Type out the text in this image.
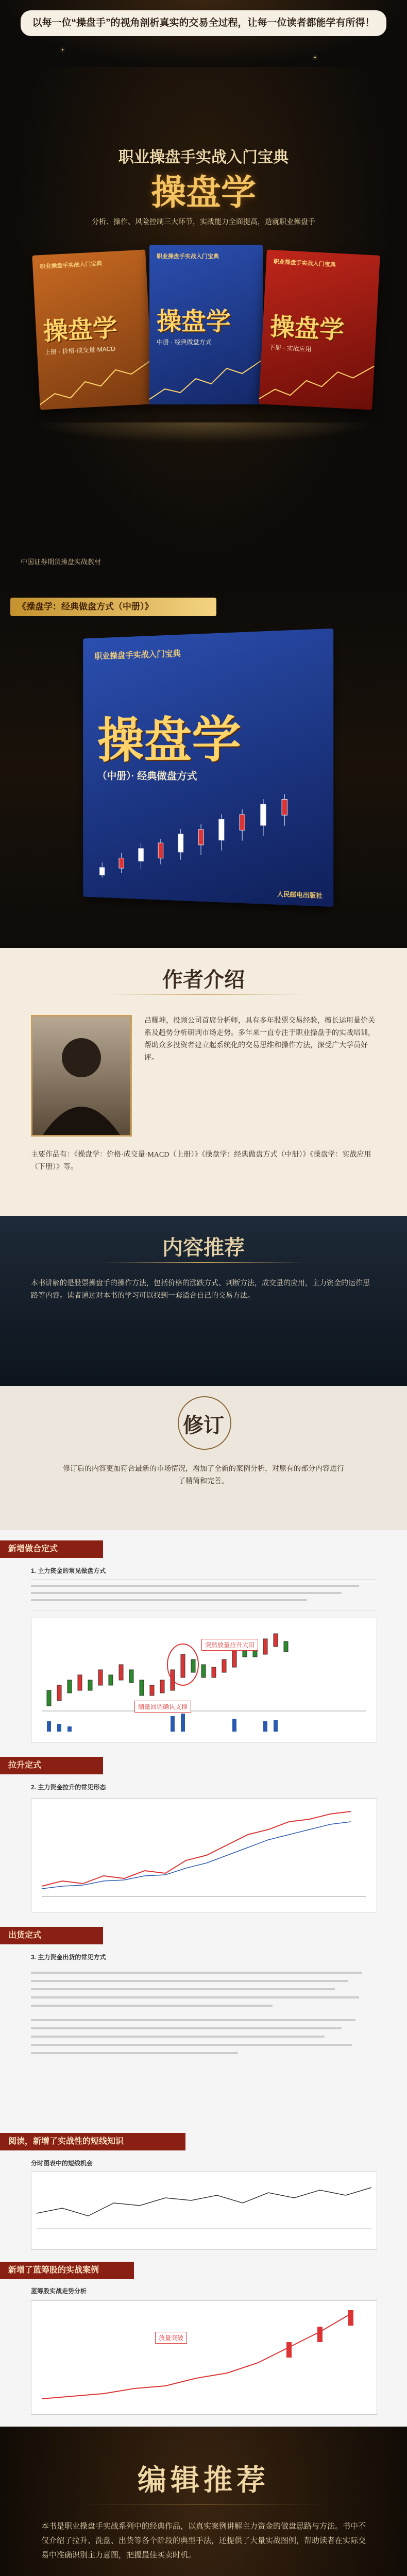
以每一位“操盘手”的视角剖析真实的交易全过程，让每一位读者都能学有所得！
职业操盘手实战入门宝典
操盘学
分析、操作、风险控制三大环节，实战能力全面提高，造就职业操盘手
职业操盘手实战入门宝典
操盘学
上册 · 价格·成交量·MACD
职业操盘手实战入门宝典
操盘学
中册 · 经典做盘方式
职业操盘手实战入门宝典
操盘学
下册 · 实战应用
中国证券期货操盘实战教材
《操盘学：经典做盘方式（中册）》
职业操盘手实战入门宝典
操盘学
（中册）· 经典做盘方式
人民邮电出版社
作者介绍
吕耀坤，投顾公司首席分析师，具有多年股票交易经验，擅长运用量价关系及趋势分析研判市场走势。多年来一直专注于职业操盘手的实战培训，帮助众多投资者建立起系统化的交易思维和操作方法，深受广大学员好评。
主要作品有：《操盘学：价格·成交量·MACD（上册）》《操盘学：经典做盘方式（中册）》《操盘学：实战应用（下册）》等。
内容推荐
本书讲解的是股票操盘手的操作方法，包括价格的涨跌方式、判断方法，成交量的应用，主力资金的运作思路等内容。读者通过对本书的学习可以找到一套适合自己的交易方法。
修订
修订后的内容更加符合最新的市场情况，增加了全新的案例分析，对原有的部分内容进行了精简和完善。
新增做合定式
1. 主力资金的常见做盘方式
突然放量拉升大阳
缩量回调确认支撑
拉升定式
2. 主力资金拉升的常见形态
出货定式
3. 主力资金出货的常见方式
阅读，新增了实战性的短线知识
分时图表中的短线机会
新增了蓝筹股的实战案例
蓝筹股实战走势分析
放量突破
编辑推荐
本书是职业操盘手实战系列中的经典作品，以真实案例讲解主力资金的做盘思路与方法。书中不仅介绍了拉升、洗盘、出货等各个阶段的典型手法，还提供了大量实战图例，帮助读者在实际交易中准确识别主力意图，把握最佳买卖时机。
